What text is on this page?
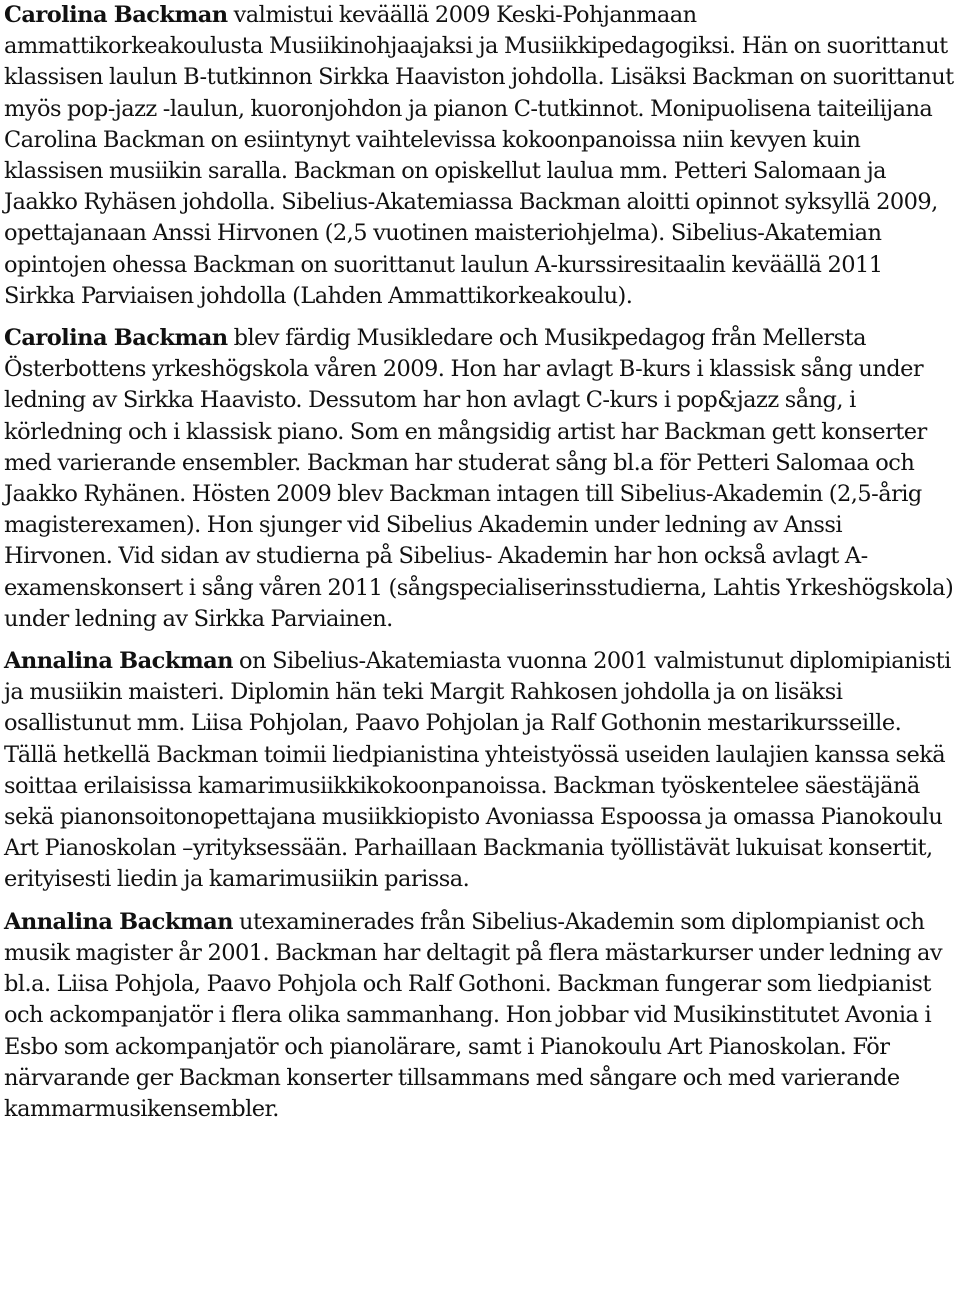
Carolina Backman valmistui keväällä 2009 Keski-Pohjanmaan ammattikorkeakoulusta Musiikinohjaajaksi ja Musiikkipedagogiksi. Hän on suorittanut klassisen laulun B-tutkinnon Sirkka Haaviston johdolla. Lisäksi Backman on suorittanut myös pop-jazz -laulun, kuoronjohdon ja pianon C-tutkinnot. Monipuolisena taiteilijana Carolina Backman on esiintynyt vaihtelevissa kokoonpanoissa niin kevyen kuin klassisen musiikin saralla. Backman on opiskellut laulua mm. Petteri Salomaan ja Jaakko Ryhäsen johdolla. Sibelius-Akatemiassa Backman aloitti opinnot syksyllä 2009, opettajanaan Anssi Hirvonen (2,5 vuotinen maisteriohjelma). Sibelius-Akatemian opintojen ohessa Backman on suorittanut laulun A-kurssiresitaalin keväällä 2011 Sirkka Parviaisen johdolla (Lahden Ammattikorkeakoulu).

Carolina Backman blev färdig Musikledare och Musikpedagog från Mellersta Österbottens yrkeshögskola våren 2009. Hon har avlagt B-kurs i klassisk sång under ledning av Sirkka Haavisto. Dessutom har hon avlagt C-kurs i pop&jazz sång, i körledning och i klassisk piano. Som en mångsidig artist har Backman gett konserter med varierande ensembler. Backman har studerat sång bl.a för Petteri Salomaa och Jaakko Ryhänen. Hösten 2009 blev Backman intagen till Sibelius-Akademin (2,5-årig magisterexamen). Hon sjunger vid Sibelius Akademin under ledning av Anssi Hirvonen. Vid sidan av studierna på Sibelius- Akademin har hon också avlagt A-examenskonsert i sång våren 2011 (sångspecialiserinsstudierna, Lahtis Yrkeshögskola) under ledning av Sirkka Parviainen.

Annalina Backman on Sibelius-Akatemiasta vuonna 2001 valmistunut diplomipianisti ja musiikin maisteri. Diplomin hän teki Margit Rahkosen johdolla ja on lisäksi osallistunut mm. Liisa Pohjolan, Paavo Pohjolan ja Ralf Gothonin mestarikursseille. Tällä hetkellä Backman toimii liedpianistina yhteistyössä useiden laulajien kanssa sekä soittaa erilaisissa kamarimusiikkikokoonpanoissa. Backman työskentelee säestäjänä sekä pianonsoitonopettajana musiikkiopisto Avoniassa Espoossa ja omassa Pianokoulu Art Pianoskolan –yrityksessään. Parhaillaan Backmania työllistävät lukuisat konsertit, erityisesti liedin ja kamarimusiikin parissa.

Annalina Backman utexaminerades från Sibelius-Akademin som diplompianist och musik magister år 2001. Backman har deltagit på flera mästarkurser under ledning av bl.a. Liisa Pohjola, Paavo Pohjola och Ralf Gothoni. Backman fungerar som liedpianist och ackompanjatör i flera olika sammanhang. Hon jobbar vid Musikinstitutet Avonia i Esbo som ackompanjatör och pianolärare, samt i Pianokoulu Art Pianoskolan. För närvarande ger Backman konserter tillsammans med sångare och med varierande kammarmusikensembler.
